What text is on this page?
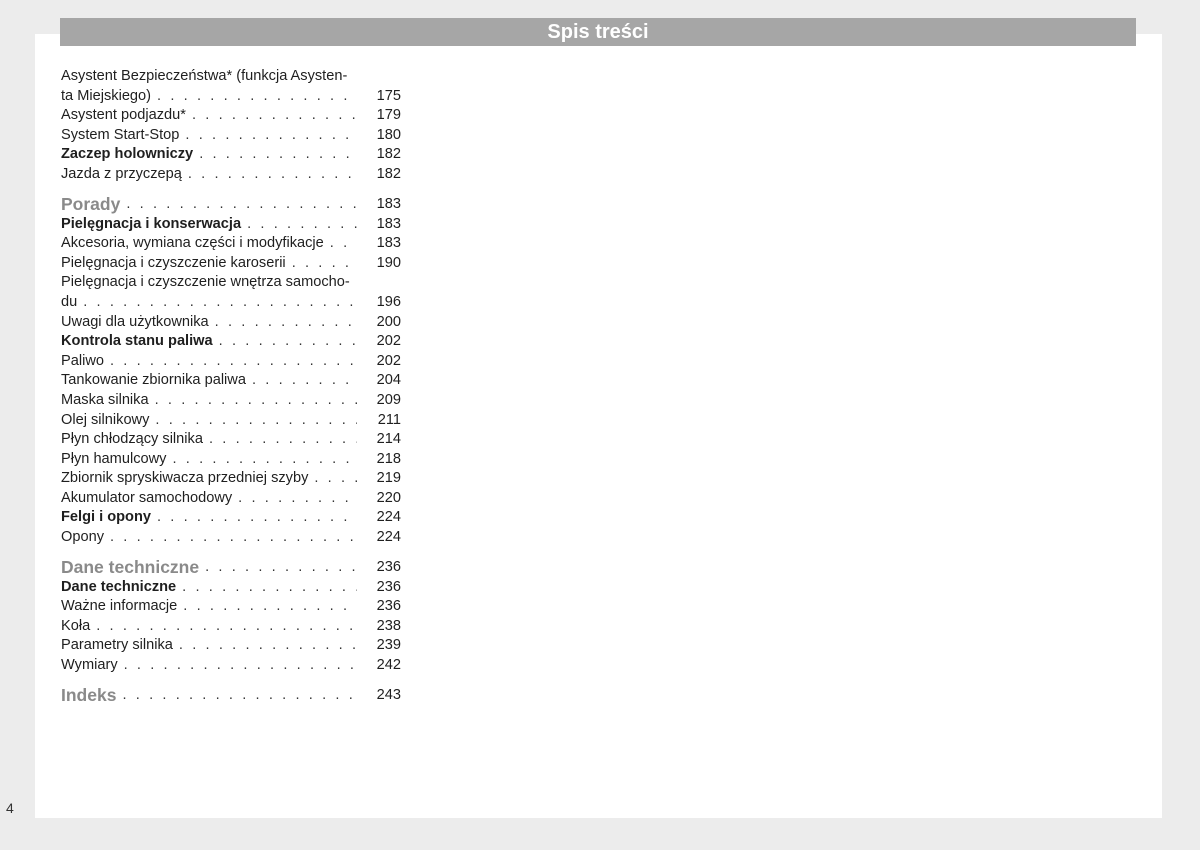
Spis treści
Asystent Bezpieczeństwa* (funkcja Asysten-
ta Miejskiego) . . .	175
Asystent podjazdu* . . .	179
System Start-Stop . . .	180
Zaczep holowniczy . . .	182
Jazda z przyczepą . . .	182
Porady . . .	183
Pielęgnacja i konserwacja . . .	183
Akcesoria, wymiana części i modyfikacje . . .	183
Pielęgnacja i czyszczenie karoserii . . .	190
Pielęgnacja i czyszczenie wnętrza samocho-
du . . .	196
Uwagi dla użytkownika . . .	200
Kontrola stanu paliwa . . .	202
Paliwo . . .	202
Tankowanie zbiornika paliwa . . .	204
Maska silnika . . .	209
Olej silnikowy . . .	211
Płyn chłodzący silnika . . .	214
Płyn hamulcowy . . .	218
Zbiornik spryskiwacza przedniej szyby . . .	219
Akumulator samochodowy . . .	220
Felgi i opony . . .	224
Opony . . .	224
Dane techniczne . . .	236
Dane techniczne . . .	236
Ważne informacje . . .	236
Koła . . .	238
Parametry silnika . . .	239
Wymiary . . .	242
Indeks . . .	243
4
